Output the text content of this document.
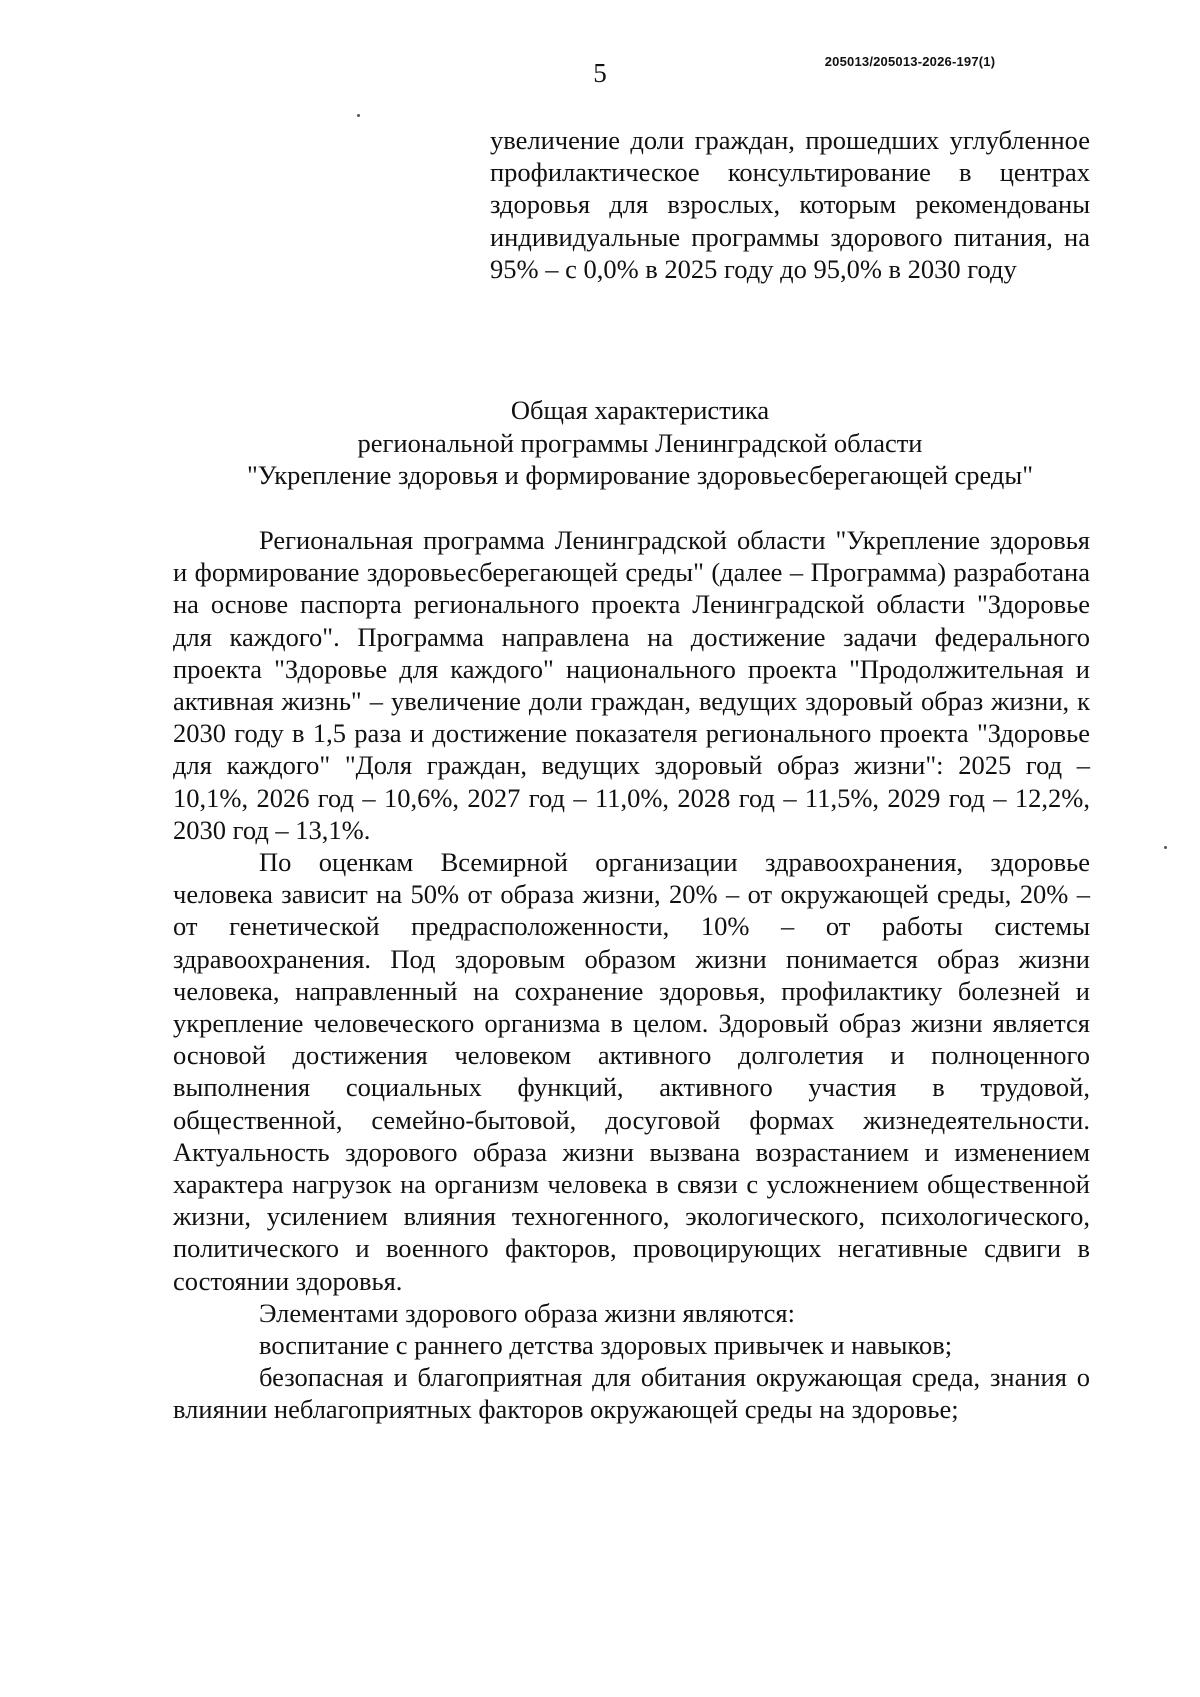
5	205013/205013-2026-197(1)
увеличение доли граждан, прошедших углубленное профилактическое консультирование в центрах здоровья для взрослых, которым рекомендованы индивидуальные программы здорового питания, на 95% – с 0,0% в 2025 году до 95,0% в 2030 году
Общая характеристика
региональной программы Ленинградской области
"Укрепление здоровья и формирование здоровьесберегающей среды"

Региональная программа Ленинградской области "Укрепление здоровья и формирование здоровьесберегающей среды" (далее – Программа) разработана на основе паспорта регионального проекта Ленинградской области "Здоровье для каждого". Программа направлена на достижение задачи федерального проекта "Здоровье для каждого" национального проекта "Продолжительная и активная жизнь" – увеличение доли граждан, ведущих здоровый образ жизни, к 2030 году в 1,5 раза и достижение показателя регионального проекта "Здоровье для каждого" "Доля граждан, ведущих здоровый образ жизни": 2025 год – 10,1%, 2026 год – 10,6%, 2027 год – 11,0%, 2028 год – 11,5%, 2029 год – 12,2%, 2030 год – 13,1%.

По оценкам Всемирной организации здравоохранения, здоровье человека зависит на 50% от образа жизни, 20% – от окружающей среды, 20% – от генетической предрасположенности, 10% – от работы системы здравоохранения. Под здоровым образом жизни понимается образ жизни человека, направленный на сохранение здоровья, профилактику болезней и укрепление человеческого организма в целом. Здоровый образ жизни является основой достижения человеком активного долголетия и полноценного выполнения социальных функций, активного участия в трудовой, общественной, семейно-бытовой, досуговой формах жизнедеятельности. Актуальность здорового образа жизни вызвана возрастанием и изменением характера нагрузок на организм человека в связи с усложнением общественной жизни, усилением влияния техногенного, экологического, психологического, политического и военного факторов, провоцирующих негативные сдвиги в состоянии здоровья.

Элементами здорового образа жизни являются:

воспитание с раннего детства здоровых привычек и навыков;

безопасная и благоприятная для обитания окружающая среда, знания о влиянии неблагоприятных факторов окружающей среды на здоровье;
